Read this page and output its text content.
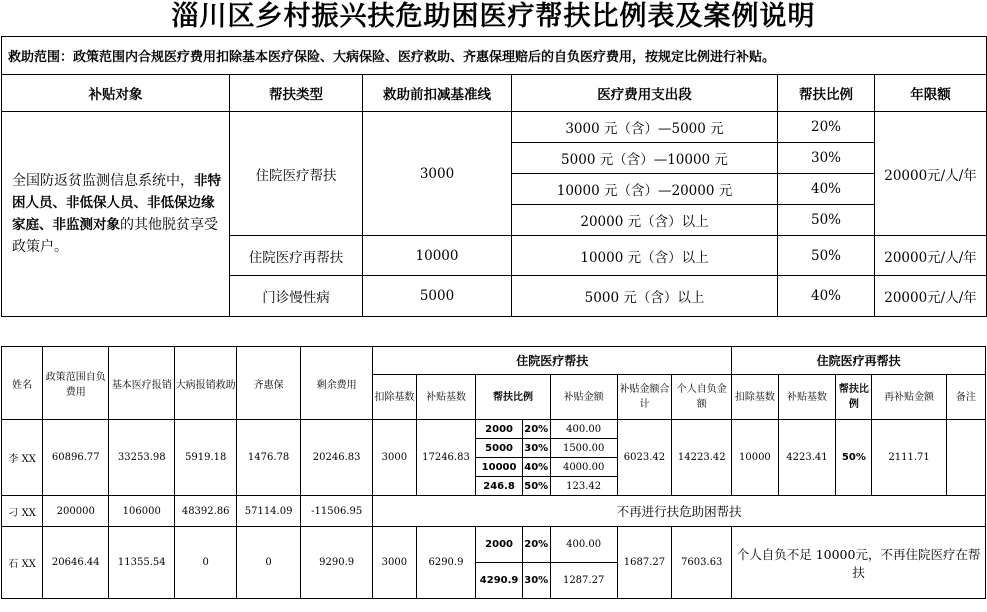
淄川区乡村振兴扶危助困医疗帮扶比例表及案例说明
救助范围：政策范围内合规医疗费用扣除基本医疗保险、大病保险、医疗救助、齐惠保理赔后的自负医疗费用，按规定比例进行补贴。					
补贴对象	帮扶类型	救助前扣减基准线	医疗费用支出段	帮扶比例	年限额
全国防返贫监测信息系统中，非特困人员、非低保人员、非低保边缘家庭、非监测对象的其他脱贫享受政策户。	住院医疗帮扶	3000	3000 元（含）—5000 元	20%	20000元/人/年
			5000 元（含）—10000 元	30%	
			10000 元（含）—20000 元	40%	
			20000 元（含）以上	50%	
	住院医疗再帮扶	10000	10000 元（含）以上	50%	20000元/人/年
	门诊慢性病	5000	5000 元（含）以上	40%	20000元/人/年
姓名	政策范围自负费用	基本医疗报销	大病报销救助	齐惠保	剩余费用	住院医疗帮扶							住院医疗再帮扶				
						扣除基数	补贴基数	帮扶比例		补贴金额	补贴金额合计	个人自负金额	扣除基数	补贴基数	帮扶比例	再补贴金额	备注
李 XX	60896.77	33253.98	5919.18	1476.78	20246.83	3000	17246.83	2000	20%	400.00	6023.42	14223.42	10000	4223.41	50%	2111.71	
								5000	30%	1500.00							
								10000	40%	4000.00							
								246.8	50%	123.42							
刁 XX	200000	106000	48392.86	57114.09	-11506.95	不再进行扶危助困帮扶											
石 XX	20646.44	11355.54	0	0	9290.9	3000	6290.9	2000	20%	400.00	1687.27	7603.63	个人自负不足 10000元，不再住院医疗在帮扶				
								4290.9	30%	1287.27							
